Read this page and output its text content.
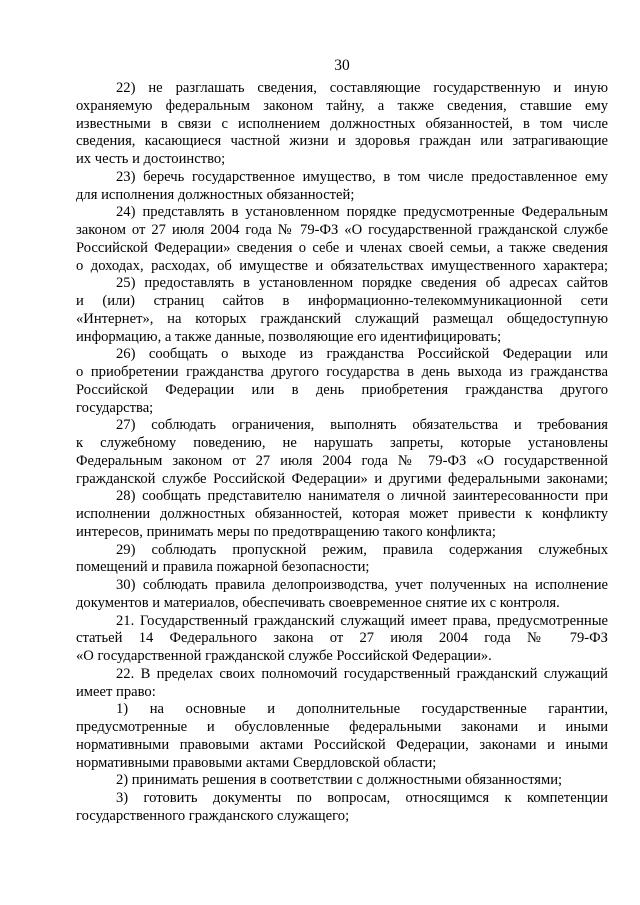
30
22) не разглашать сведения, составляющие государственную и иную
охраняемую федеральным законом тайну, а также сведения, ставшие ему
известными в связи с исполнением должностных обязанностей, в том числе
сведения, касающиеся частной жизни и здоровья граждан или затрагивающие
их честь и достоинство;
23) беречь государственное имущество, в том числе предоставленное ему
для исполнения должностных обязанностей;
24) представлять в установленном порядке предусмотренные Федеральным
законом от 27 июля 2004 года № 79-ФЗ «О государственной гражданской службе
Российской Федерации» сведения о себе и членах своей семьи, а также сведения
о доходах, расходах, об имуществе и обязательствах имущественного характера;
25) предоставлять в установленном порядке сведения об адресах сайтов
и (или) страниц сайтов в информационно-телекоммуникационной сети
«Интернет», на которых гражданский служащий размещал общедоступную
информацию, а также данные, позволяющие его идентифицировать;
26) сообщать о выходе из гражданства Российской Федерации или
о приобретении гражданства другого государства в день выхода из гражданства
Российской Федерации или в день приобретения гражданства другого
государства;
27) соблюдать ограничения, выполнять обязательства и требования
к служебному поведению, не нарушать запреты, которые установлены
Федеральным законом от 27 июля 2004 года № 79-ФЗ «О государственной
гражданской службе Российской Федерации» и другими федеральными законами;
28) сообщать представителю нанимателя о личной заинтересованности при
исполнении должностных обязанностей, которая может привести к конфликту
интересов, принимать меры по предотвращению такого конфликта;
29) соблюдать пропускной режим, правила содержания служебных
помещений и правила пожарной безопасности;
30) соблюдать правила делопроизводства, учет полученных на исполнение
документов и материалов, обеспечивать своевременное снятие их с контроля.
21. Государственный гражданский служащий имеет права, предусмотренные
статьей 14 Федерального закона от 27 июля 2004 года № 79-ФЗ
«О государственной гражданской службе Российской Федерации».
22. В пределах своих полномочий государственный гражданский служащий
имеет право:
1) на основные и дополнительные государственные гарантии,
предусмотренные и обусловленные федеральными законами и иными
нормативными правовыми актами Российской Федерации, законами и иными
нормативными правовыми актами Свердловской области;
2) принимать решения в соответствии с должностными обязанностями;
3) готовить документы по вопросам, относящимся к компетенции
государственного гражданского служащего;
